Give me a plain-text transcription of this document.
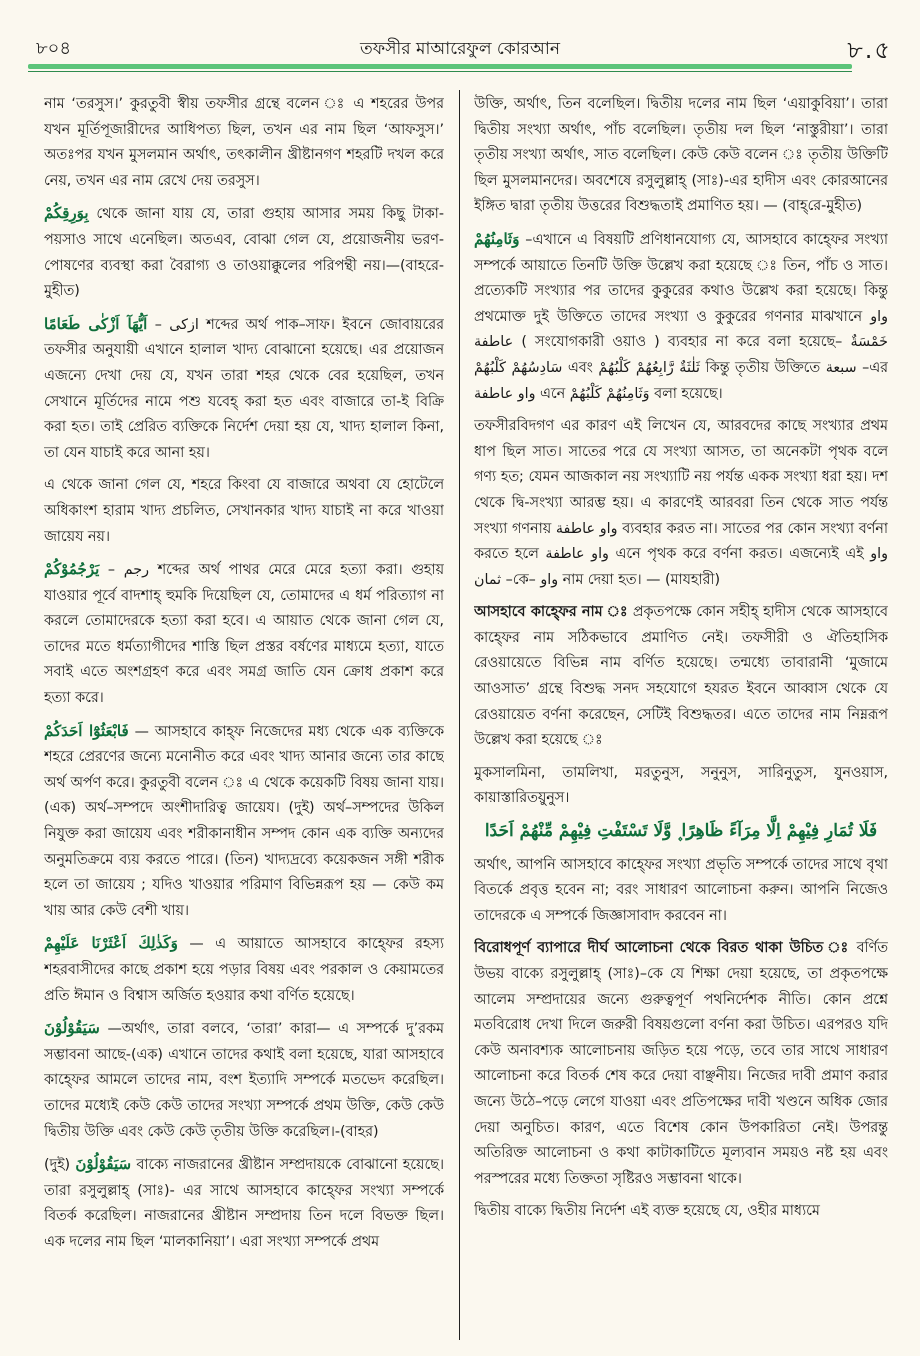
৮০৪	তফসীর মাআরেফুল কোরআন	৮.৫

নাম ‘তরসুস।’ কুরতুবী স্বীয় তফসীর গ্রন্থে বলেন ঃ এ শহরের উপর যখন মূর্তিপূজারীদের আধিপত্য ছিল, তখন এর নাম ছিল ‘আফসুস।’ অতঃপর যখন মুসলমান অর্থাৎ, তৎকালীন খ্রীষ্টানগণ শহরটি দখল করে নেয়, তখন এর নাম রেখে দেয় তরসুস।

بِوَرِقِكُمْ থেকে জানা যায় যে, তারা গুহায় আসার সময় কিছু টাকা-পয়সাও সাথে এনেছিল। অতএব, বোঝা গেল যে, প্রয়োজনীয় ভরণ-পোষণের ব্যবস্থা করা বৈরাগ্য ও তাওয়াক্কুলের পরিপন্থী নয়।—(বাহরে-মুহীত)

اَيُّهَآ اَزْكٰى طَعَامًا – ازكى শব্দের অর্থ পাক–সাফ। ইবনে জোবায়রের তফসীর অনুযায়ী এখানে হালাল খাদ্য বোঝানো হয়েছে। এর প্রয়োজন এজন্যে দেখা দেয় যে, যখন তারা শহর থেকে বের হয়েছিল, তখন সেখানে মূর্তিদের নামে পশু যবেহ্ করা হত এবং বাজারে তা-ই বিক্রি করা হত। তাই প্রেরিত ব্যক্তিকে নির্দেশ দেয়া হয় যে, খাদ্য হালাল কিনা, তা যেন যাচাই করে আনা হয়।

এ থেকে জানা গেল যে, শহরে কিংবা যে বাজারে অথবা যে হোটেলে অধিকাংশ হারাম খাদ্য প্রচলিত, সেখানকার খাদ্য যাচাই না করে খাওয়া জায়েয নয়।

يَرْجُمُوْكُمْ – رجم শব্দের অর্থ পাথর মেরে মেরে হত্যা করা। গুহায় যাওয়ার পূর্বে বাদশাহ্ হুমকি দিয়েছিল যে, তোমাদের এ ধর্ম পরিত্যাগ না করলে তোমাদেরকে হত্যা করা হবে। এ আয়াত থেকে জানা গেল যে, তাদের মতে ধর্মত্যাগীদের শাস্তি ছিল প্রস্তর বর্ষণের মাধ্যমে হত্যা, যাতে সবাই এতে অংশগ্রহণ করে এবং সমগ্র জাতি যেন ক্রোধ প্রকাশ করে হত্যা করে।

فَابْعَثُوْٓا اَحَدَكُمْ — আসহাবে কাহ্ফ নিজেদের মধ্য থেকে এক ব্যক্তিকে শহরে প্রেরণের জন্যে মনোনীত করে এবং খাদ্য আনার জন্যে তার কাছে অর্থ অর্পণ করে। কুরতুবী বলেন ঃ এ থেকে কয়েকটি বিষয় জানা যায়। (এক) অর্থ–সম্পদে অংশীদারিত্ব জায়েয। (দুই) অর্থ–সম্পদের উকিল নিযুক্ত করা জায়েয এবং শরীকানাধীন সম্পদ কোন এক ব্যক্তি অন্যদের অনুমতিক্রমে ব্যয় করতে পারে। (তিন) খাদ্যদ্রব্যে কয়েকজন সঙ্গী শরীক হলে তা জায়েয ; যদিও খাওয়ার পরিমাণ বিভিন্নরূপ হয় — কেউ কম খায় আর কেউ বেশী খায়।

وَكَذٰلِكَ اَعْثَرْنَا عَلَيْهِمْ — এ আয়াতে আসহাবে কাহ্ফের রহস্য শহরবাসীদের কাছে প্রকাশ হয়ে পড়ার বিষয় এবং পরকাল ও কেয়ামতের প্রতি ঈমান ও বিশ্বাস অর্জিত হওয়ার কথা বর্ণিত হয়েছে।

سَيَقُوْلُوْنَ —অর্থাৎ, তারা বলবে, ‘তারা’ কারা— এ সম্পর্কে দু’রকম সম্ভাবনা আছে-(এক) এখানে তাদের কথাই বলা হয়েছে, যারা আসহাবে কাহ্ফের আমলে তাদের নাম, বংশ ইত্যাদি সম্পর্কে মতভেদ করেছিল। তাদের মধ্যেই কেউ কেউ তাদের সংখ্যা সম্পর্কে প্রথম উক্তি, কেউ কেউ দ্বিতীয় উক্তি এবং কেউ কেউ তৃতীয় উক্তি করেছিল।-(বাহর)

(দুই) سَيَقُوْلُوْنَ বাক্যে নাজরানের খ্রীষ্টান সম্প্রদায়কে বোঝানো হয়েছে। তারা রসুলুল্লাহ্ (সাঃ)- এর সাথে আসহাবে কাহ্ফের সংখ্যা সম্পর্কে বিতর্ক করেছিল। নাজরানের খ্রীষ্টান সম্প্রদায় তিন দলে বিভক্ত ছিল। এক দলের নাম ছিল ‘মালকানিয়া’। এরা সংখ্যা সম্পর্কে প্রথম

উক্তি, অর্থাৎ, তিন বলেছিল। দ্বিতীয় দলের নাম ছিল ‘এয়াকুবিয়া’। তারা দ্বিতীয় সংখ্যা অর্থাৎ, পাঁচ বলেছিল। তৃতীয় দল ছিল ‘নাস্তুরীয়া’। তারা তৃতীয় সংখ্যা অর্থাৎ, সাত বলেছিল। কেউ কেউ বলেন ঃ তৃতীয় উক্তিটি ছিল মুসলমানদের। অবশেষে রসুলুল্লাহ্ (সাঃ)-এর হাদীস এবং কোরআনের ইঙ্গিত দ্বারা তৃতীয় উত্তরের বিশুদ্ধতাই প্রমাণিত হয়। — (বাহ্‌রে-মুহীত)

وَثَامِنُهُمْ –এখানে এ বিষয়টি প্রণিধানযোগ্য যে, আসহাবে কাহ্ফের সংখ্যা সম্পর্কে আয়াতে তিনটি উক্তি উল্লেখ করা হয়েছে ঃ তিন, পাঁচ ও সাত। প্রত্যেকটি সংখ্যার পর তাদের কুকুরের কথাও উল্লেখ করা হয়েছে। কিন্তু প্রথমোক্ত দুই উক্তিতে তাদের সংখ্যা ও কুকুরের গণনার মাঝখানে واو عاطفة ( সংযোগকারী ওয়াও ) ব্যবহার না করে বলা হয়েছে– خَمْسَةٌ سَادِسُهُمْ كَلْبُهُمْ এবং ثَلٰثَةٌ رَّابِعُهُمْ كَلْبُهُمْ কিন্তু তৃতীয় উক্তিতে سبعة –এর واو عاطفة এনে وَثَامِنُهُمْ كَلْبُهُمْ বলা হয়েছে।

তফসীরবিদগণ এর কারণ এই লিখেন যে, আরবদের কাছে সংখ্যার প্রথম ধাপ ছিল সাত। সাতের পরে যে সংখ্যা আসত, তা অনেকটা পৃথক বলে গণ্য হত; যেমন আজকাল নয় সংখ্যাটি নয় পর্যন্ত একক সংখ্যা ধরা হয়। দশ থেকে দ্বি-সংখ্যা আরম্ভ হয়। এ কারণেই আরবরা তিন থেকে সাত পর্যন্ত সংখ্যা গণনায় واو عاطفة ব্যবহার করত না। সাতের পর কোন সংখ্যা বর্ণনা করতে হলে واو عاطفة এনে পৃথক করে বর্ণনা করত। এজন্যেই এই واو ثمان –কে– واو নাম দেয়া হত। — (মাযহারী)

আসহাবে কাহ্ফের নাম ঃ প্রকৃতপক্ষে কোন সহীহ্ হাদীস থেকে আসহাবে কাহ্ফের নাম সঠিকভাবে প্রমাণিত নেই। তফসীরী ও ঐতিহাসিক রেওয়ায়েতে বিভিন্ন নাম বর্ণিত হয়েছে। তন্মধ্যে তাবারানী ‘মুজামে আওসাত’ গ্রন্থে বিশুদ্ধ সনদ সহযোগে হযরত ইবনে আব্বাস থেকে যে রেওয়ায়েত বর্ণনা করেছেন, সেটিই বিশুদ্ধতর। এতে তাদের নাম নিম্নরূপ উল্লেখ করা হয়েছে ঃ

মুকসালমিনা, তামলিখা, মরতুনুস, সনুনুস, সারিনুতুস, যুনওয়াস, কায়াস্তারিতয়ুনুস।

فَلَا تُمَارِ فِيْهِمْ اِلَّا مِرَآءً ظَاهِرًا ۪ وَّلَا تَسْتَفْتِ فِيْهِمْ مِّنْهُمْ اَحَدًا

অর্থাৎ, আপনি আসহাবে কাহ্ফের সংখ্যা প্রভৃতি সম্পর্কে তাদের সাথে বৃথা বিতর্কে প্রবৃত্ত হবেন না; বরং সাধারণ আলোচনা করুন। আপনি নিজেও তাদেরকে এ সম্পর্কে জিজ্ঞাসাবাদ করবেন না।

বিরোধপূর্ণ ব্যাপারে দীর্ঘ আলোচনা থেকে বিরত থাকা উচিত ঃ বর্ণিত উভয় বাক্যে রসুলুল্লাহ্ (সাঃ)–কে যে শিক্ষা দেয়া হয়েছে, তা প্রকৃতপক্ষে আলেম সম্প্রদায়ের জন্যে গুরুত্বপূর্ণ পথনির্দেশক নীতি। কোন প্রশ্নে মতবিরোধ দেখা দিলে জরুরী বিষয়গুলো বর্ণনা করা উচিত। এরপরও যদি কেউ অনাবশ্যক আলোচনায় জড়িত হয়ে পড়ে, তবে তার সাথে সাধারণ আলোচনা করে বিতর্ক শেষ করে দেয়া বাঞ্ছনীয়। নিজের দাবী প্রমাণ করার জন্যে উঠে–পড়ে লেগে যাওয়া এবং প্রতিপক্ষের দাবী খণ্ডনে অধিক জোর দেয়া অনুচিত। কারণ, এতে বিশেষ কোন উপকারিতা নেই। উপরন্তু অতিরিক্ত আলোচনা ও কথা কাটাকাটিতে মূল্যবান সময়ও নষ্ট হয় এবং পরস্পরের মধ্যে তিক্ততা সৃষ্টিরও সম্ভাবনা থাকে।

দ্বিতীয় বাক্যে দ্বিতীয় নির্দেশ এই ব্যক্ত হয়েছে যে, ওহীর মাধ্যমে
